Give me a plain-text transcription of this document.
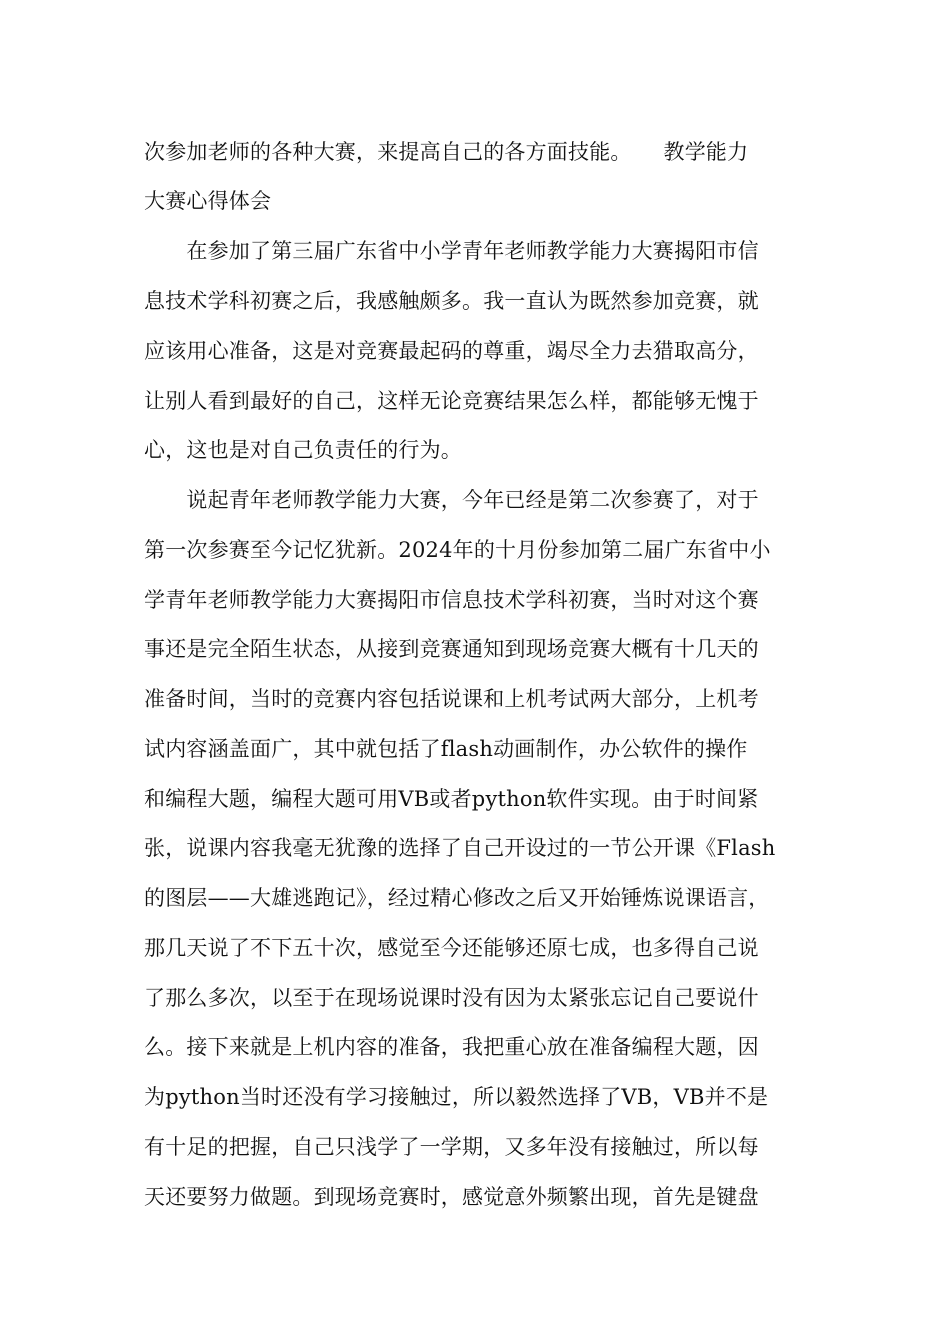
次参加老师的各种大赛，来提高自己的各方面技能。　　教学能力
大赛心得体会
　　在参加了第三届广东省中小学青年老师教学能力大赛揭阳市信
息技术学科初赛之后，我感触颇多。我一直认为既然参加竞赛，就
应该用心准备，这是对竞赛最起码的尊重，竭尽全力去猎取高分，
让别人看到最好的自己，这样无论竞赛结果怎么样，都能够无愧于
心，这也是对自己负责任的行为。
　　说起青年老师教学能力大赛，今年已经是第二次参赛了，对于
第一次参赛至今记忆犹新。2024年的十月份参加第二届广东省中小
学青年老师教学能力大赛揭阳市信息技术学科初赛，当时对这个赛
事还是完全陌生状态，从接到竞赛通知到现场竞赛大概有十几天的
准备时间，当时的竞赛内容包括说课和上机考试两大部分，上机考
试内容涵盖面广，其中就包括了flash动画制作，办公软件的操作
和编程大题，编程大题可用VB或者python软件实现。由于时间紧
张，说课内容我毫无犹豫的选择了自己开设过的一节公开课《Flash
的图层——大雄逃跑记》，经过精心修改之后又开始锤炼说课语言，
那几天说了不下五十次，感觉至今还能够还原七成，也多得自己说
了那么多次，以至于在现场说课时没有因为太紧张忘记自己要说什
么。接下来就是上机内容的准备，我把重心放在准备编程大题，因
为python当时还没有学习接触过，所以毅然选择了VB，VB并不是
有十足的把握，自己只浅学了一学期，又多年没有接触过，所以每
天还要努力做题。到现场竞赛时，感觉意外频繁出现，首先是键盘
